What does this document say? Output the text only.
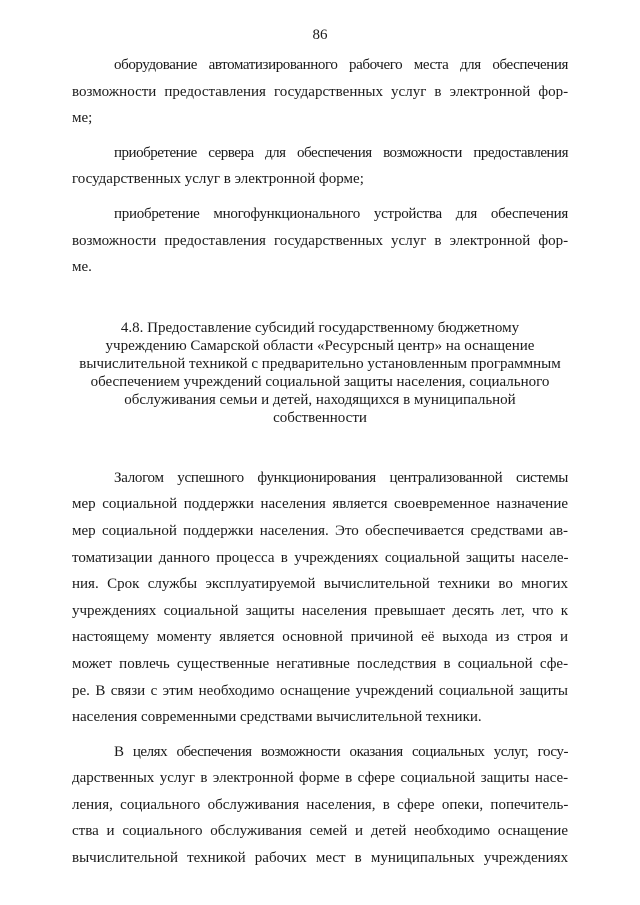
86
оборудование автоматизированного рабочего места для обеспечения
возможности предоставления государственных услуг в электронной фор-
ме;
приобретение сервера для обеспечения возможности предоставления
государственных услуг в электронной форме;
приобретение многофункционального устройства для обеспечения
возможности предоставления государственных услуг в электронной фор-
ме.
4.8. Предоставление субсидий государственному бюджетному
учреждению Самарской области «Ресурсный центр» на оснащение
вычислительной техникой с предварительно установленным программным
обеспечением учреждений социальной защиты населения, социального
обслуживания семьи и детей, находящихся в муниципальной
собственности
Залогом успешного функционирования централизованной системы
мер социальной поддержки населения является своевременное назначение
мер социальной поддержки населения. Это обеспечивается средствами ав-
томатизации данного процесса в учреждениях социальной защиты населе-
ния. Срок службы эксплуатируемой вычислительной техники во многих
учреждениях социальной защиты населения превышает десять лет, что к
настоящему моменту является основной причиной её выхода из строя и
может повлечь существенные негативные последствия в социальной сфе-
ре. В связи с этим необходимо оснащение учреждений социальной защиты
населения современными средствами вычислительной техники.
В целях обеспечения возможности оказания социальных услуг, госу-
дарственных услуг в электронной форме в сфере социальной защиты насе-
ления, социального обслуживания населения, в сфере опеки, попечитель-
ства и социального обслуживания семей и детей необходимо оснащение
вычислительной техникой рабочих мест в муниципальных учреждениях
